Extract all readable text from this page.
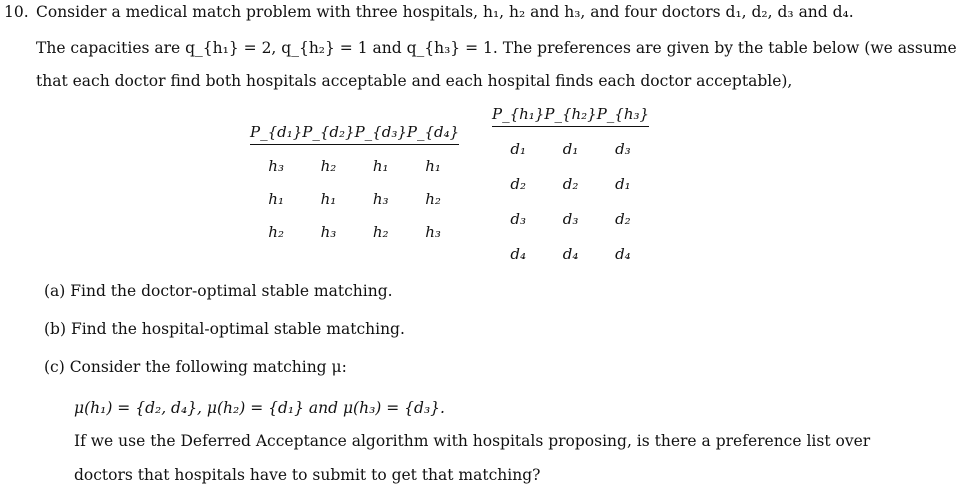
10. Consider a medical match problem with three hospitals, h₁, h₂ and h₃, and four doctors d₁, d₂, d₃ and d₄.
The capacities are q_{h₁} = 2, q_{h₂} = 1 and q_{h₃} = 1. The preferences are given by the table below (we assume
that each doctor find both hospitals acceptable and each hospital finds each doctor acceptable),
P_{d₁}	P_{d₂}	P_{d₃}	P_{d₄}
h₃	h₂	h₁	h₁
h₁	h₁	h₃	h₂
h₂	h₃	h₂	h₃
P_{h₁}	P_{h₂}	P_{h₃}
d₁	d₁	d₃
d₂	d₂	d₁
d₃	d₃	d₂
d₄	d₄	d₄
(a) Find the doctor-optimal stable matching.
(b) Find the hospital-optimal stable matching.
(c) Consider the following matching μ:
μ(h₁) = {d₂, d₄}, μ(h₂) = {d₁} and μ(h₃) = {d₃}.
If we use the Deferred Acceptance algorithm with hospitals proposing, is there a preference list over
doctors that hospitals have to submit to get that matching?
